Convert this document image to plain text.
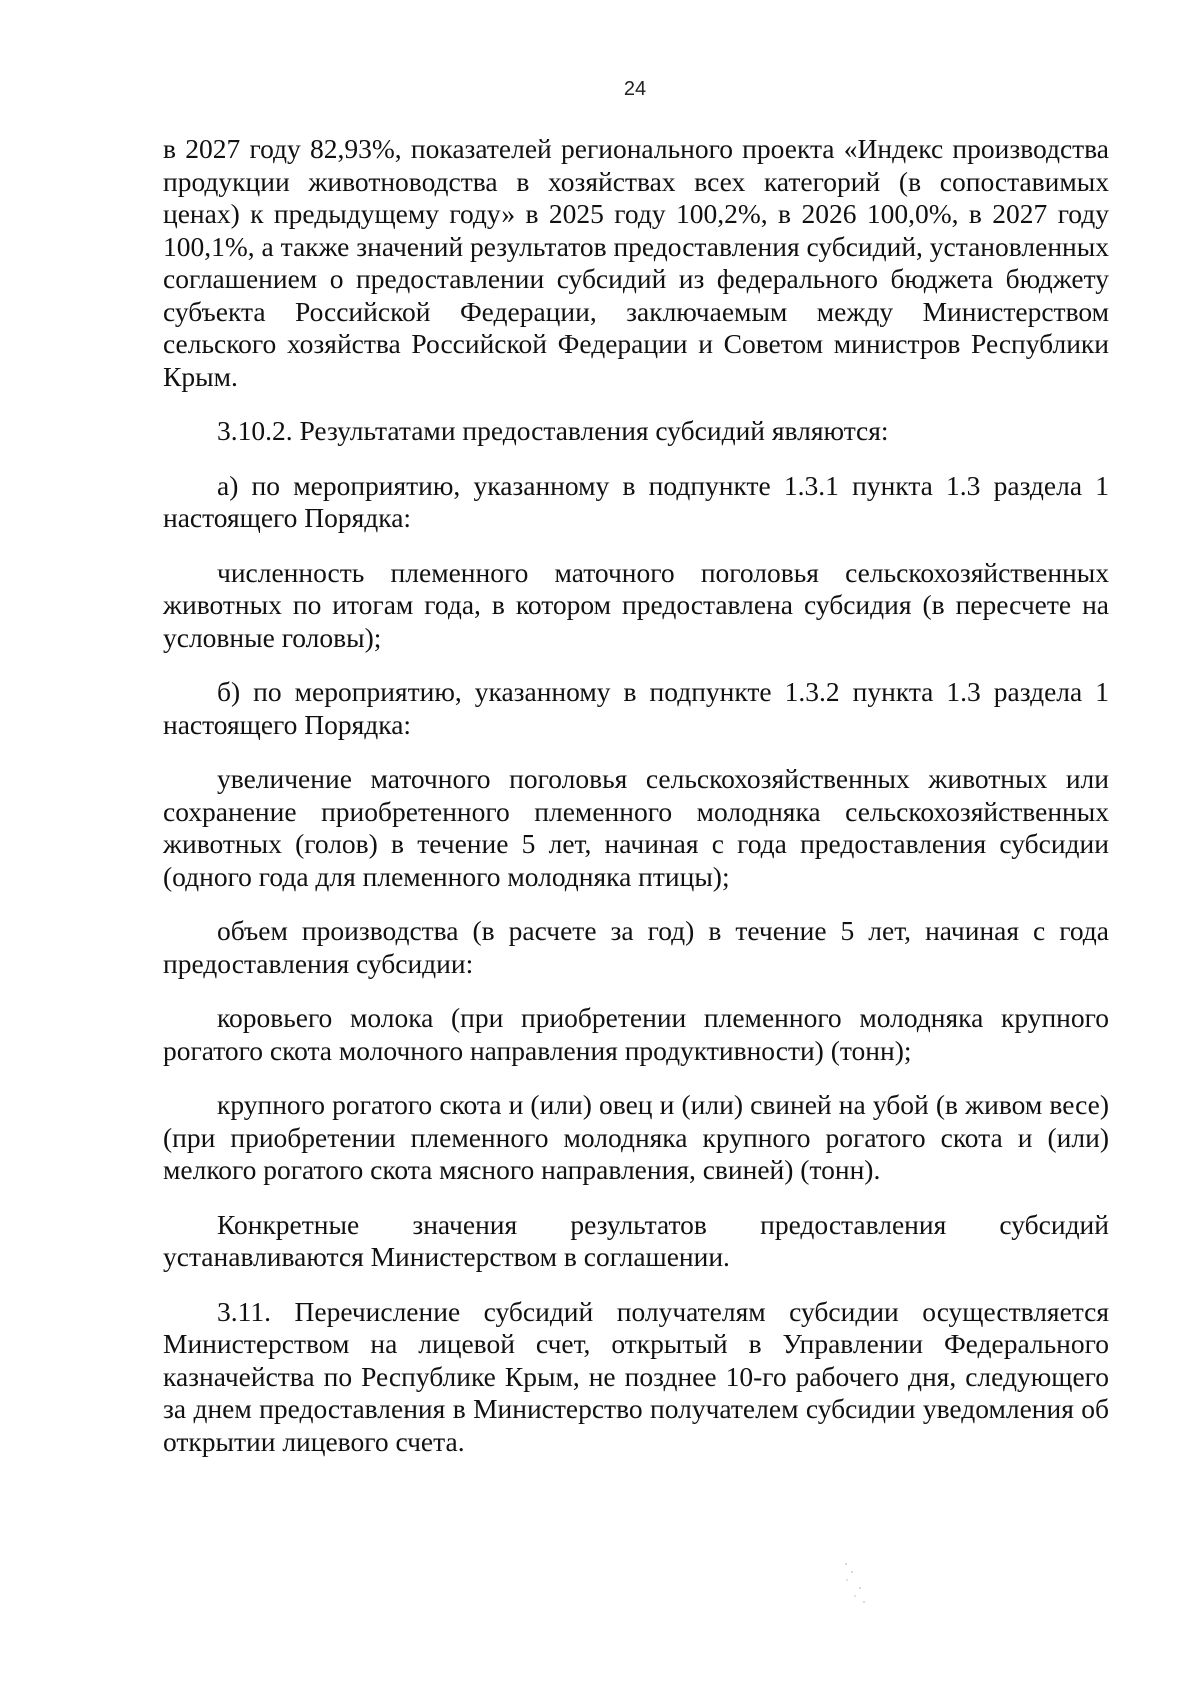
24

в 2027 году 82,93%, показателей регионального проекта «Индекс производства продукции животноводства в хозяйствах всех категорий (в сопоставимых ценах) к предыдущему году» в 2025 году 100,2%, в 2026 100,0%, в 2027 году 100,1%, а также значений результатов предоставления субсидий, установленных соглашением о предоставлении субсидий из федерального бюджета бюджету субъекта Российской Федерации, заключаемым между Министерством сельского хозяйства Российской Федерации и Советом министров Республики Крым.

3.10.2. Результатами предоставления субсидий являются:

а) по мероприятию, указанному в подпункте 1.3.1 пункта 1.3 раздела 1 настоящего Порядка:

численность племенного маточного поголовья сельскохозяйственных животных по итогам года, в котором предоставлена субсидия (в пересчете на условные головы);

б) по мероприятию, указанному в подпункте 1.3.2 пункта 1.3 раздела 1 настоящего Порядка:

увеличение маточного поголовья сельскохозяйственных животных или сохранение приобретенного племенного молодняка сельскохозяйственных животных (голов) в течение 5 лет, начиная с года предоставления субсидии (одного года для племенного молодняка птицы);

объем производства (в расчете за год) в течение 5 лет, начиная с года предоставления субсидии:

коровьего молока (при приобретении племенного молодняка крупного рогатого скота молочного направления продуктивности) (тонн);

крупного рогатого скота и (или) овец и (или) свиней на убой (в живом весе) (при приобретении племенного молодняка крупного рогатого скота и (или) мелкого рогатого скота мясного направления, свиней) (тонн).

Конкретные значения результатов предоставления субсидий устанавливаются Министерством в соглашении.

3.11. Перечисление субсидий получателям субсидии осуществляется Министерством на лицевой счет, открытый в Управлении Федерального казначейства по Республике Крым, не позднее 10-го рабочего дня, следующего за днем предоставления в Министерство получателем субсидии уведомления об открытии лицевого счета.
